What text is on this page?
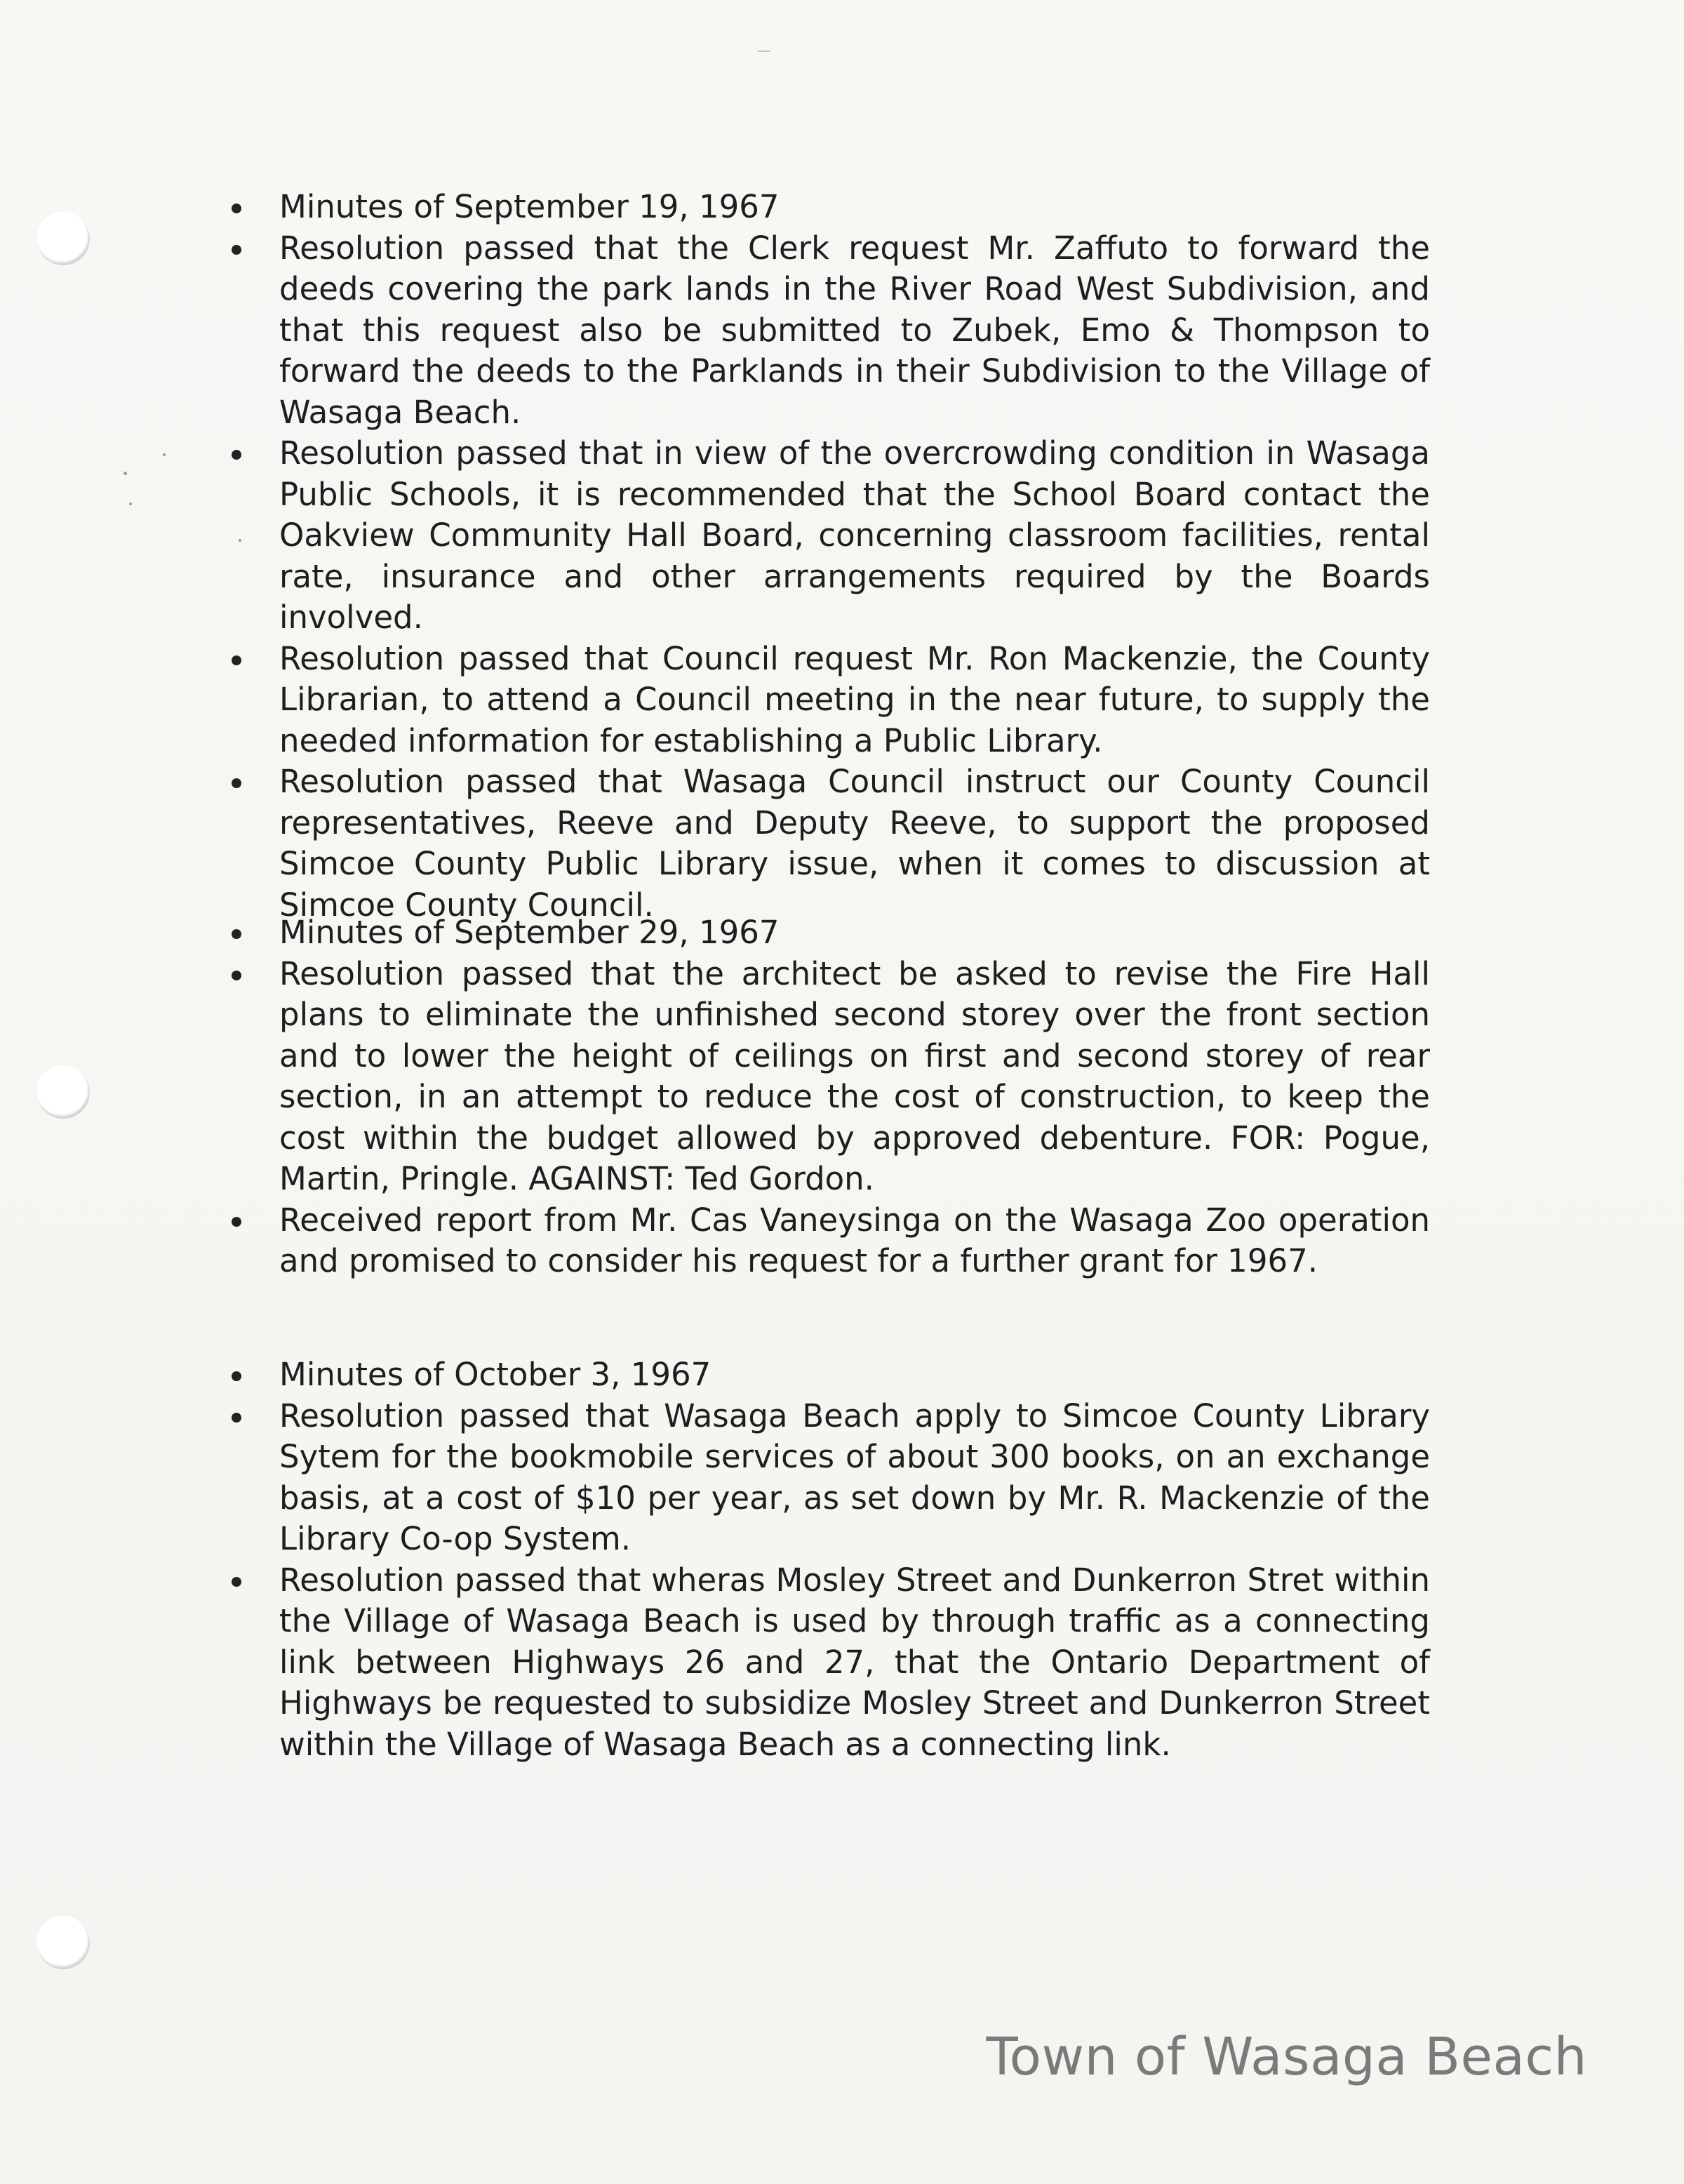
Minutes of September 19, 1967
Resolution passed that the Clerk request Mr. Zaffuto to forward the deeds covering the park lands in the River Road West Subdivision, and that this request also be submitted to Zubek, Emo & Thompson to forward the deeds to the Parklands in their Subdivision to the Village of Wasaga Beach.
Resolution passed that in view of the overcrowding condition in Wasaga Public Schools, it is recommended that the School Board contact the Oakview Community Hall Board, concerning classroom facilities, rental rate, insurance and other arrangements required by the Boards involved.
Resolution passed that Council request Mr. Ron Mackenzie, the County Librarian, to attend a Council meeting in the near future, to supply the needed information for establishing a Public Library.
Resolution passed that Wasaga Council instruct our County Council representatives, Reeve and Deputy Reeve, to support the proposed Simcoe County Public Library issue, when it comes to discussion at Simcoe County Council.
Minutes of September 29, 1967
Resolution passed that the architect be asked to revise the Fire Hall plans to eliminate the unfinished second storey over the front section and to lower the height of ceilings on first and second storey of rear section, in an attempt to reduce the cost of construction, to keep the cost within the budget allowed by approved debenture. FOR: Pogue, Martin, Pringle. AGAINST: Ted Gordon.
Received report from Mr. Cas Vaneysinga on the Wasaga Zoo operation and promised to consider his request for a further grant for 1967.
Minutes of October 3, 1967
Resolution passed that Wasaga Beach apply to Simcoe County Library Sytem for the bookmobile services of about 300 books, on an exchange basis, at a cost of $10 per year, as set down by Mr. R. Mackenzie of the Library Co-op System.
Resolution passed that wheras Mosley Street and Dunkerron Stret within the Village of Wasaga Beach is used by through traffic as a connecting link between Highways 26 and 27, that the Ontario Department of Highways be requested to subsidize Mosley Street and Dunkerron Street within the Village of Wasaga Beach as a connecting link.
Town of Wasaga Beach
